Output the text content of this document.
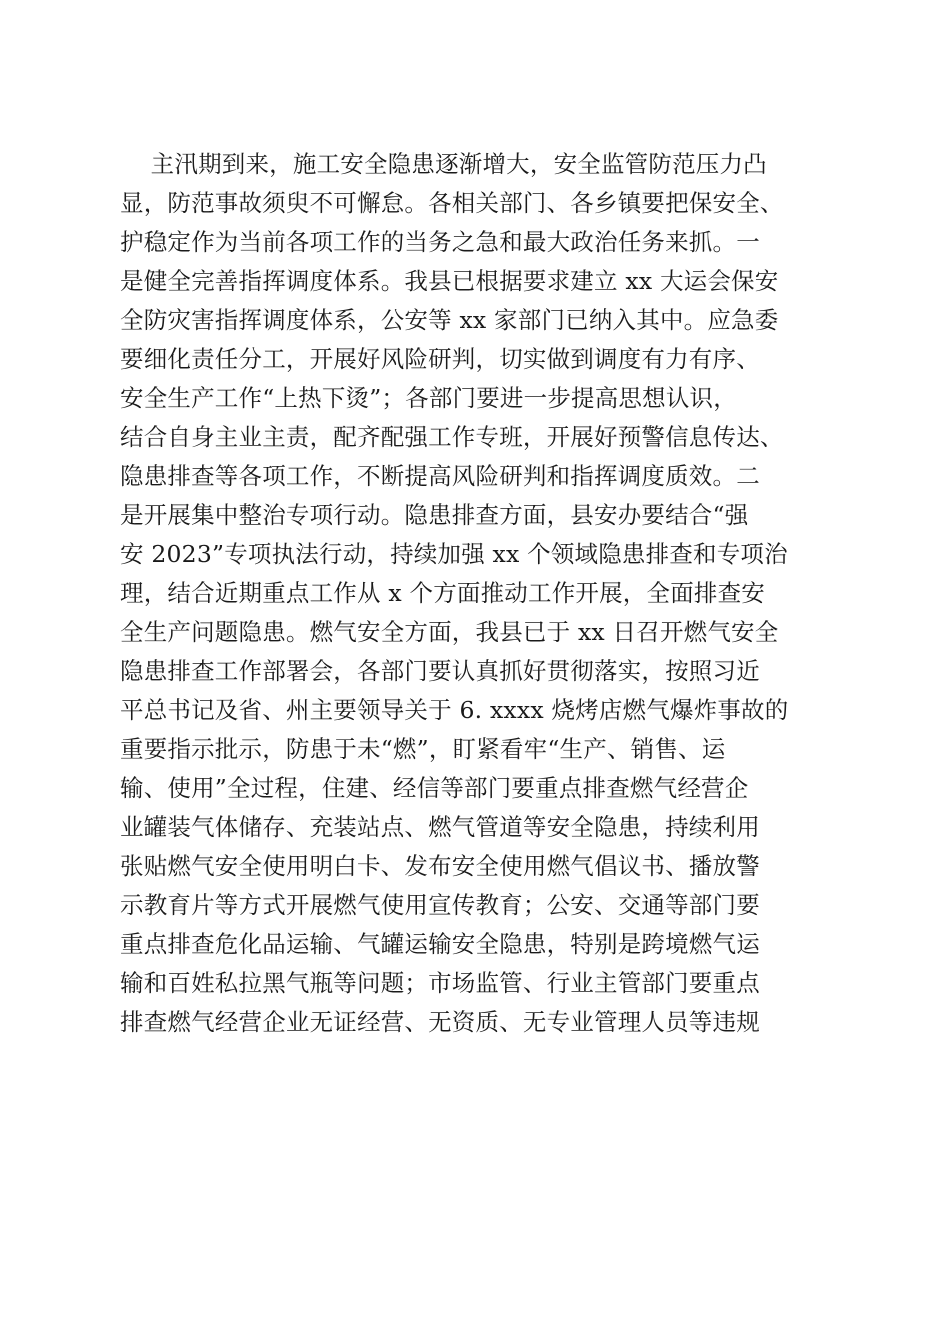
主汛期到来，施工安全隐患逐渐增大，安全监管防范压力凸
显，防范事故须臾不可懈怠。各相关部门、各乡镇要把保安全、
护稳定作为当前各项工作的当务之急和最大政治任务来抓。一
是健全完善指挥调度体系。我县已根据要求建立 xx 大运会保安
全防灾害指挥调度体系，公安等 xx 家部门已纳入其中。应急委
要细化责任分工，开展好风险研判，切实做到调度有力有序、
安全生产工作“上热下烫”；各部门要进一步提高思想认识，
结合自身主业主责，配齐配强工作专班，开展好预警信息传达、
隐患排查等各项工作，不断提高风险研判和指挥调度质效。二
是开展集中整治专项行动。隐患排查方面，县安办要结合“强
安 2023”专项执法行动，持续加强 xx 个领域隐患排查和专项治
理，结合近期重点工作从 x 个方面推动工作开展，全面排查安
全生产问题隐患。燃气安全方面，我县已于 xx 日召开燃气安全
隐患排查工作部署会，各部门要认真抓好贯彻落实，按照习近
平总书记及省、州主要领导关于 6. xxxx 烧烤店燃气爆炸事故的
重要指示批示，防患于未“燃”，盯紧看牢“生产、销售、运
输、使用”全过程，住建、经信等部门要重点排查燃气经营企
业罐装气体储存、充装站点、燃气管道等安全隐患，持续利用
张贴燃气安全使用明白卡、发布安全使用燃气倡议书、播放警
示教育片等方式开展燃气使用宣传教育；公安、交通等部门要
重点排查危化品运输、气罐运输安全隐患，特别是跨境燃气运
输和百姓私拉黑气瓶等问题；市场监管、行业主管部门要重点
排查燃气经营企业无证经营、无资质、无专业管理人员等违规
